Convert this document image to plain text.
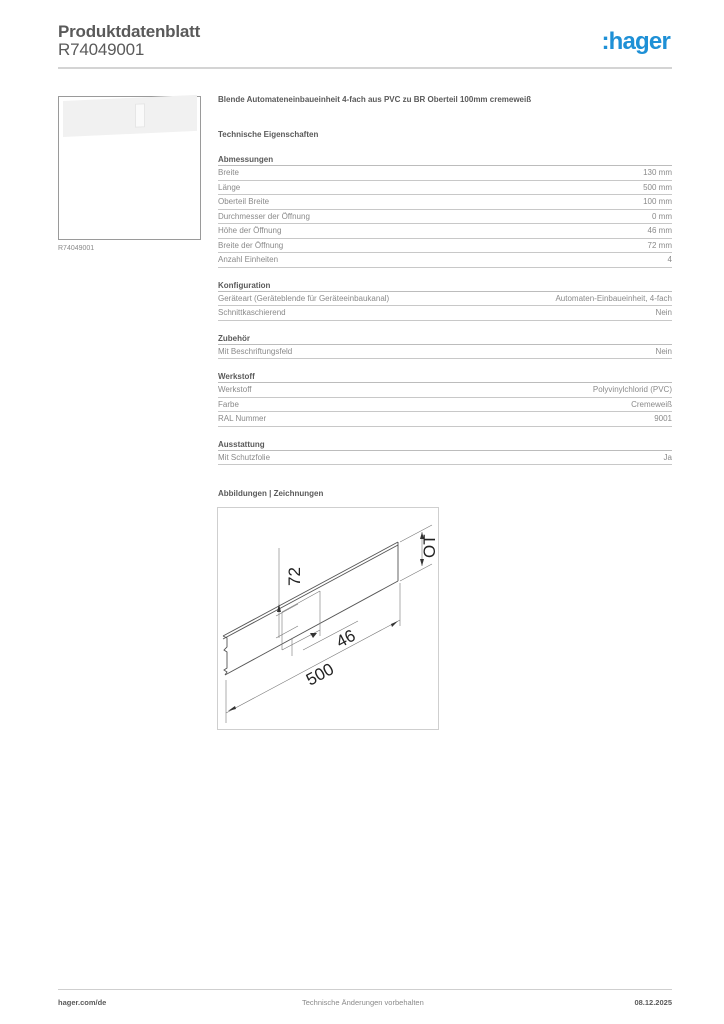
Produktdatenblatt
R74049001	:hager
R74049001
Blende Automateneinbaueinheit 4-fach aus PVC zu BR Oberteil 100mm cremeweiß
Technische Eigenschaften
Abmessungen
Breite	130 mm
Länge	500 mm
Oberteil Breite	100 mm
Durchmesser der Öffnung	0 mm
Höhe der Öffnung	46 mm
Breite der Öffnung	72 mm
Anzahl Einheiten	4
Konfiguration
Geräteart (Geräteblende für Geräteeinbaukanal)	Automaten-Einbaueinheit, 4-fach
Schnittkaschierend	Nein
Zubehör
Mit Beschriftungsfeld	Nein
Werkstoff
Werkstoff	Polyvinylchlorid (PVC)
Farbe	Cremeweiß
RAL Nummer	9001
Ausstattung
Mit Schutzfolie	Ja
Abbildungen | Zeichnungen
72
46
500
OT
hager.com/de	Technische Änderungen vorbehalten	08.12.2025
